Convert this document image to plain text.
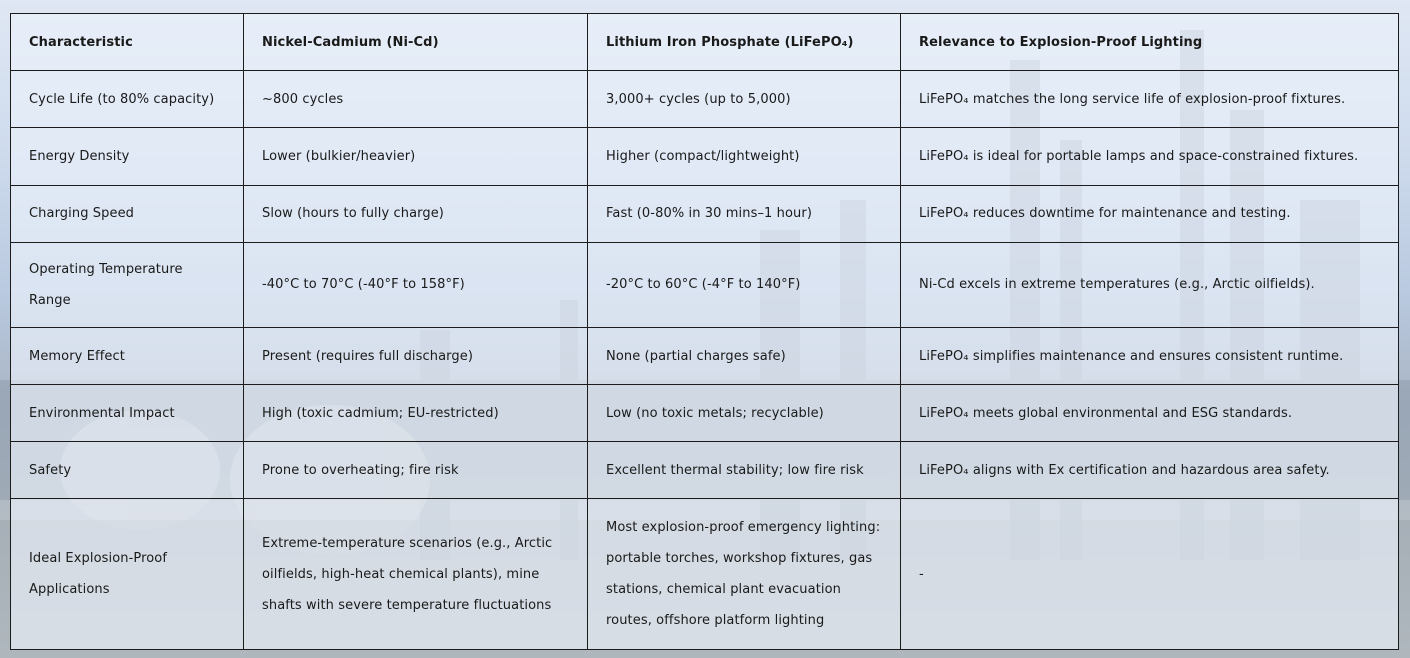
Characteristic	Nickel-Cadmium (Ni-Cd)	Lithium Iron Phosphate (LiFePO₄)	Relevance to Explosion-Proof Lighting
Cycle Life (to 80% capacity)	~800 cycles	3,000+ cycles (up to 5,000)	LiFePO₄ matches the long service life of explosion-proof fixtures.
Energy Density	Lower (bulkier/heavier)	Higher (compact/lightweight)	LiFePO₄ is ideal for portable lamps and space-constrained fixtures.
Charging Speed	Slow (hours to fully charge)	Fast (0-80% in 30 mins–1 hour)	LiFePO₄ reduces downtime for maintenance and testing.
Operating Temperature Range	-40°C to 70°C (-40°F to 158°F)	-20°C to 60°C (-4°F to 140°F)	Ni-Cd excels in extreme temperatures (e.g., Arctic oilfields).
Memory Effect	Present (requires full discharge)	None (partial charges safe)	LiFePO₄ simplifies maintenance and ensures consistent runtime.
Environmental Impact	High (toxic cadmium; EU-restricted)	Low (no toxic metals; recyclable)	LiFePO₄ meets global environmental and ESG standards.
Safety	Prone to overheating; fire risk	Excellent thermal stability; low fire risk	LiFePO₄ aligns with Ex certification and hazardous area safety.
Ideal Explosion-Proof Applications	Extreme-temperature scenarios (e.g., Arctic oilfields, high-heat chemical plants), mine shafts with severe temperature fluctuations	Most explosion-proof emergency lighting: portable torches, workshop fixtures, gas stations, chemical plant evacuation routes, offshore platform lighting	-
